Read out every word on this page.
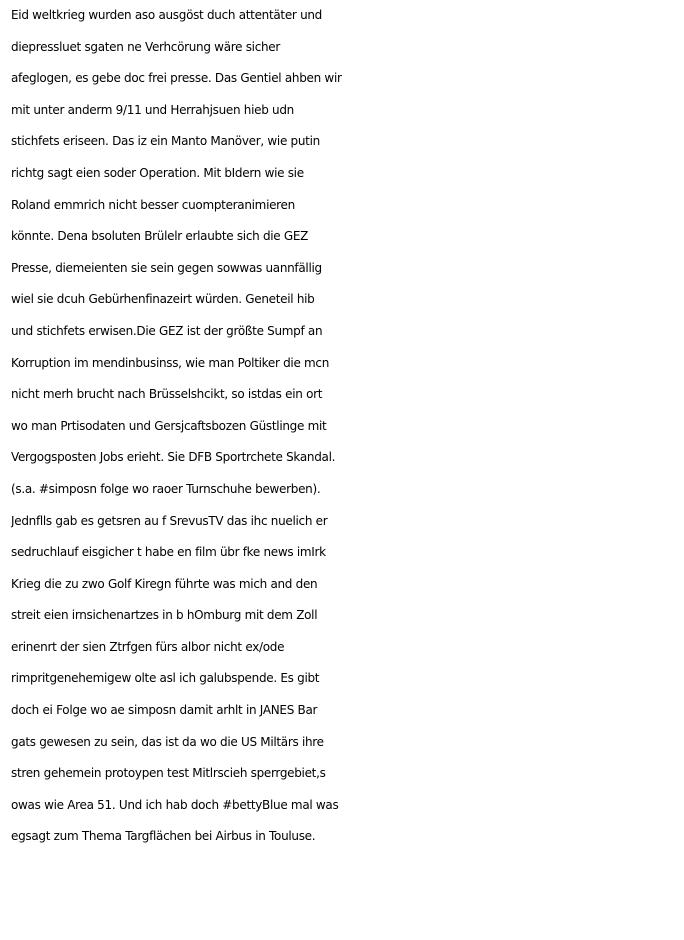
Eid weltkrieg wurden aso ausgöst duch attentäter und
diepressluet sgaten ne Verhcörung wäre sicher
afeglogen, es gebe doc frei presse. Das Gentiel ahben wir
mit unter anderm 9/11 und Herrahjsuen hieb udn
stichfets eriseen. Das iz ein Manto Manöver, wie putin
richtg sagt eien soder Operation. Mit bIdern wie sie
Roland emmrich nicht besser cuompteranimieren
könnte. Dena bsoluten Brülelr erlaubte sich die GEZ
Presse, diemeienten sie sein gegen sowwas uannfällig
wiel sie dcuh Gebürhenfinazeirt würden. Geneteil hib
und stichfets erwisen.Die GEZ ist der größte Sumpf an
Korruption im mendinbusinss, wie man Poltiker die mcn
nicht merh brucht nach Brüsselshcikt, so istdas ein ort
wo man Prtisodaten und Gersjcaftsbozen Güstlinge mit
Vergogsposten Jobs erieht. Sie DFB Sportrchete Skandal.
(s.a. #simposn folge wo raoer Turnschuhe bewerben).
Jednflls gab es getsren au f SrevusTV das ihc nuelich er
sedruchlauf eisgicher t habe en film übr fke news imIrk
Krieg die zu zwo Golf Kiregn führte was mich and den
streit eien irnsichenartzes in b hOmburg mit dem Zoll
erinenrt der sien Ztrfgen fürs albor nicht ex/ode
rimpritgenehemigew olte asl ich galubspende. Es gibt
doch ei Folge wo ae simposn damit arhlt in JANES Bar
gats gewesen zu sein, das ist da wo die US Miltärs ihre
stren gehemein protoypen test Mitlrscieh sperrgebiet,s
owas wie Area 51. Und ich hab doch #bettyBlue mal was
egsagt zum Thema Targflächen bei Airbus in Touluse.
